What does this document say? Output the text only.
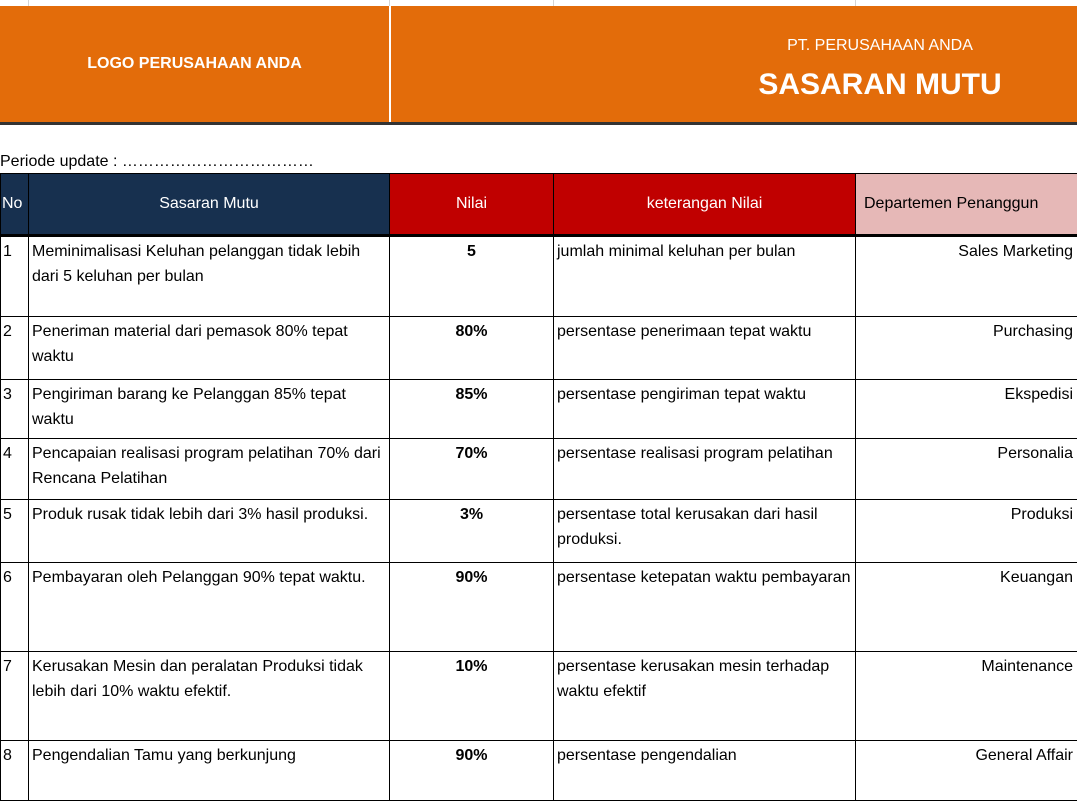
LOGO PERUSAHAAN ANDA
PT. PERUSAHAAN ANDA
SASARAN MUTU
Periode update : ………………………………
No	Sasaran Mutu	Nilai	keterangan Nilai	Departemen Penanggun
1	Meminimalisasi Keluhan pelanggan tidak lebih dari 5 keluhan per bulan	5	jumlah minimal keluhan per bulan	Sales Marketing
2	Peneriman material dari pemasok 80% tepat waktu	80%	persentase penerimaan tepat waktu	Purchasing
3	Pengiriman barang ke Pelanggan 85% tepat waktu	85%	persentase pengiriman tepat waktu	Ekspedisi
4	Pencapaian realisasi program pelatihan 70% dari Rencana Pelatihan	70%	persentase realisasi program pelatihan	Personalia
5	Produk rusak tidak lebih dari 3% hasil produksi.	3%	persentase total kerusakan dari hasil produksi.	Produksi
6	Pembayaran oleh Pelanggan 90% tepat waktu.	90%	persentase ketepatan waktu pembayaran	Keuangan
7	Kerusakan Mesin dan peralatan Produksi tidak lebih dari 10% waktu efektif.	10%	persentase kerusakan mesin terhadap waktu efektif	Maintenance
8	Pengendalian Tamu yang berkunjung	90%	persentase pengendalian	General Affair
